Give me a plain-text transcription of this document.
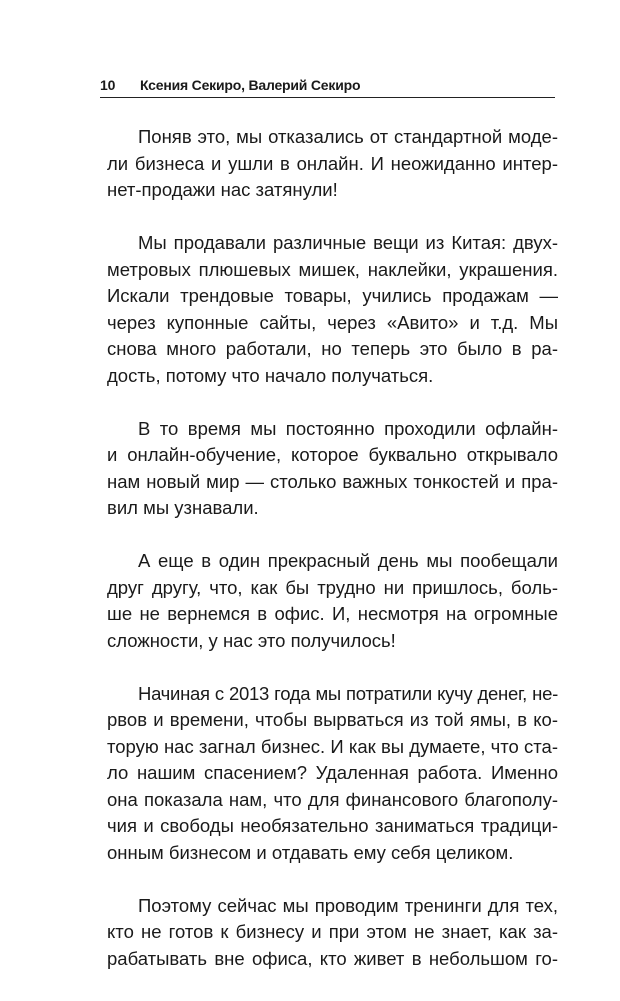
10 Ксения Секиро, Валерий Секиро
Поняв это, мы отказались от стандартной моде-
ли бизнеса и ушли в онлайн. И неожиданно интер-
нет-продажи нас затянули!
Мы продавали различные вещи из Китая: двух-
метровых плюшевых мишек, наклейки, украшения.
Искали трендовые товары, учились продажам —
через купонные сайты, через «Авито» и т.д. Мы
снова много работали, но теперь это было в ра-
дость, потому что начало получаться.
В то время мы постоянно проходили офлайн-
и онлайн-обучение, которое буквально открывало
нам новый мир — столько важных тонкостей и пра-
вил мы узнавали.
А еще в один прекрасный день мы пообещали
друг другу, что, как бы трудно ни пришлось, боль-
ше не вернемся в офис. И, несмотря на огромные
сложности, у нас это получилось!
Начиная с 2013 года мы потратили кучу денег, не-
рвов и времени, чтобы вырваться из той ямы, в ко-
торую нас загнал бизнес. И как вы думаете, что ста-
ло нашим спасением? Удаленная работа. Именно
она показала нам, что для финансового благополу-
чия и свободы необязательно заниматься традици-
онным бизнесом и отдавать ему себя целиком.
Поэтому сейчас мы проводим тренинги для тех,
кто не готов к бизнесу и при этом не знает, как за-
рабатывать вне офиса, кто живет в небольшом го-
